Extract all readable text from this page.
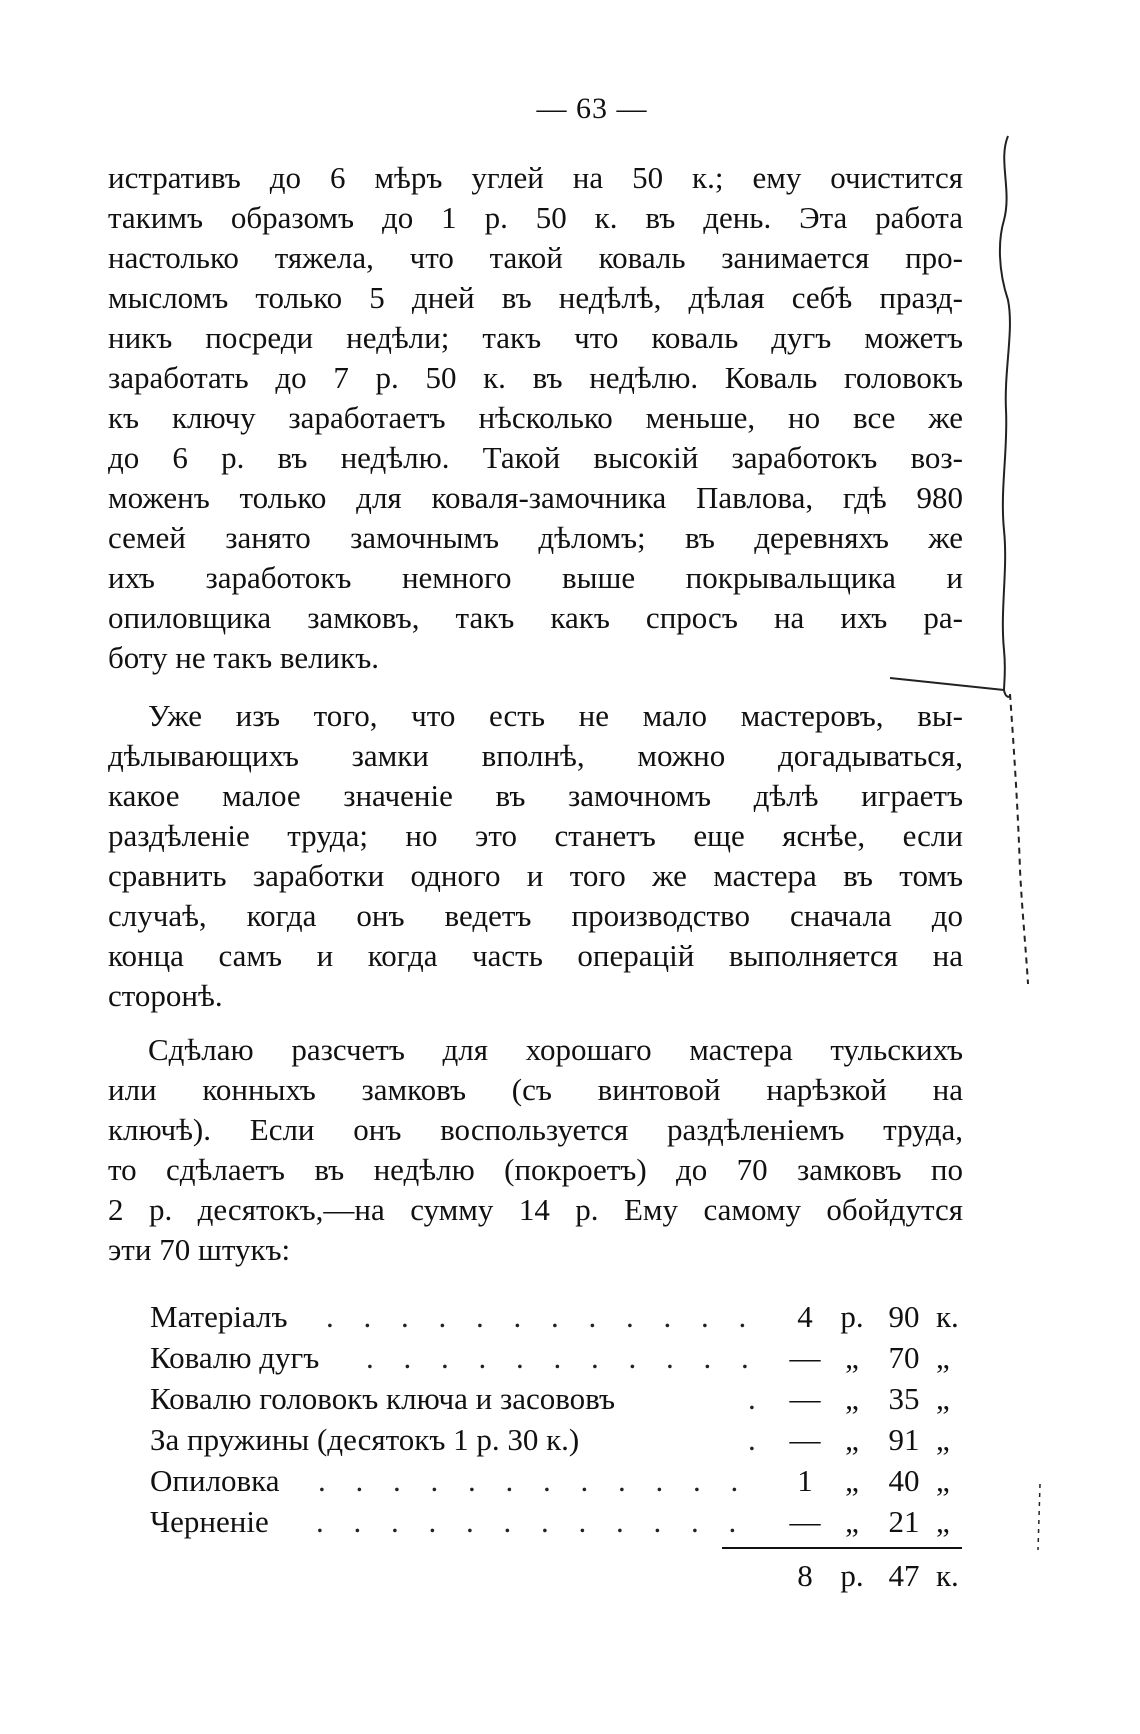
— 63 —
истративъ до 6 мѣръ углей на 50 к.; ему очистится
такимъ образомъ до 1 р. 50 к. въ день. Эта работа
настолько тяжела, что такой коваль занимается про-
мысломъ только 5 дней въ недѣлѣ, дѣлая себѣ празд-
никъ посреди недѣли; такъ что коваль дугъ можетъ
заработать до 7 р. 50 к. въ недѣлю. Коваль головокъ
къ ключу заработаетъ нѣсколько меньше, но все же
до 6 р. въ недѣлю. Такой высокій заработокъ воз-
моженъ только для коваля-замочника Павлова, гдѣ 980
семей занято замочнымъ дѣломъ; въ деревняхъ же
ихъ заработокъ немного выше покрывальщика и
опиловщика замковъ, такъ какъ спросъ на ихъ ра-
боту не такъ великъ.
Уже изъ того, что есть не мало мастеровъ, вы-
дѣлывающихъ замки вполнѣ, можно догадываться,
какое малое значеніе въ замочномъ дѣлѣ играетъ
раздѣленіе труда; но это станетъ еще яснѣе, если
сравнить заработки одного и того же мастера въ томъ
случаѣ, когда онъ ведетъ производство сначала до
конца самъ и когда часть операцій выполняется на
сторонѣ.
Сдѣлаю разсчетъ для хорошаго мастера тульскихъ
или конныхъ замковъ (съ винтовой нарѣзкой на
ключѣ). Если онъ воспользуется раздѣленіемъ труда,
то сдѣлаетъ въ недѣлю (покроетъ) до 70 замковъ по
2 р. десятокъ,—на сумму 14 р. Ему самому обойдутся
эти 70 штукъ:
Матеріалъ . . . . . . . . . . . .	4 р. 90 к.
Ковалю дугъ . . . . . . . . . . . — „ 70 „
Ковалю головокъ ключа и засововъ	. — „ 35 „
За пружины (десятокъ 1 р. 30 к.)	. — „ 91 „
Опиловка . . . . . . . . . . . .	1	„ 40 „
Черненіе . . . . . . . . . . . . — „ 21 „
8 р. 47 к.
